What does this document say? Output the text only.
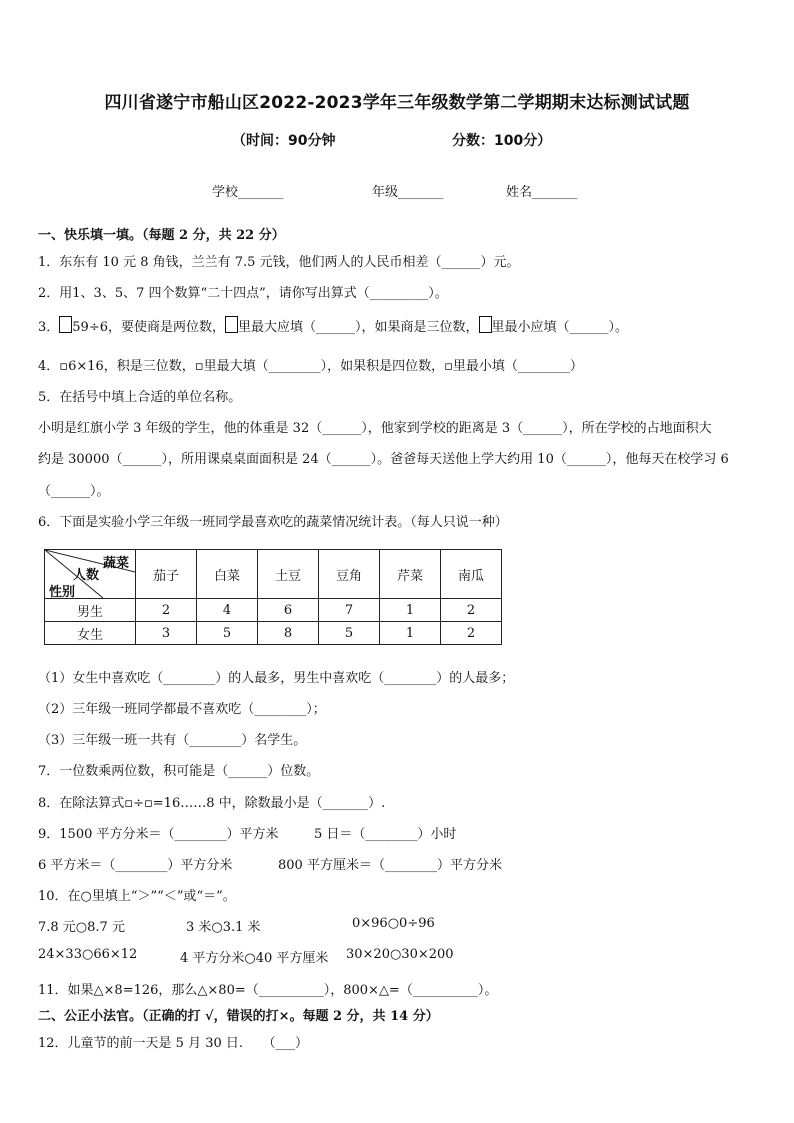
四川省遂宁市船山区2022-2023学年三年级数学第二学期期末达标测试试题
（时间：90分钟	分数：100分）
学校_______	年级_______	姓名_______
一、快乐填一填。（每题 2 分，共 22 分）
1．东东有 10 元 8 角钱，兰兰有 7.5 元钱，他们两人的人民币相差（______）元。
2．用1、3、5、7 四个数算“二十四点”，请你写出算式（_________）。
3． 59÷6，要使商是两位数， 里最大应填（______），如果商是三位数， 里最小应填（______）。
4．▫6×16，积是三位数，▫里最大填（________），如果积是四位数，▫里最小填（________）
5．在括号中填上合适的单位名称。
小明是红旗小学 3 年级的学生，他的体重是 32（______），他家到学校的距离是 3（______），所在学校的占地面积大
约是 30000（______），所用课桌桌面面积是 24（______）。爸爸每天送他上学大约用 10（______），他每天在校学习 6
（______）。
6．下面是实验小学三年级一班同学最喜欢吃的蔬菜情况统计表。（每人只说一种）
蔬菜
人数
性别	茄子	白菜	土豆	豆角	芹菜	南瓜
男生	2	4	6	7	1	2
女生	3	5	8	5	1	2
（1）女生中喜欢吃（________）的人最多，男生中喜欢吃（________）的人最多；
（2）三年级一班同学都最不喜欢吃（________）；
（3）三年级一班一共有（________）名学生。
7．一位数乘两位数，积可能是（______）位数。
8．在除法算式▫÷▫=16……8 中，除数最小是（_______）.
9．1500 平方分米＝（________）平方米	5 日＝（________）小时
6 平方米＝（________）平方分米	800 平方厘米＝（________）平方分米
10．在○里填上“＞”“＜”或“＝”。
7.8 元○8.7 元	3 米○3.1 米	0×96○0÷96
24×33○66×12	4 平方分米○40 平方厘米 30×20○30×200
11．如果△×8=126，那么△×80=（__________），800×△=（__________）。
二、公正小法官。（正确的打 √，错误的打×。每题 2 分，共 14 分）
12．儿童节的前一天是 5 月 30 日.　　（___）
